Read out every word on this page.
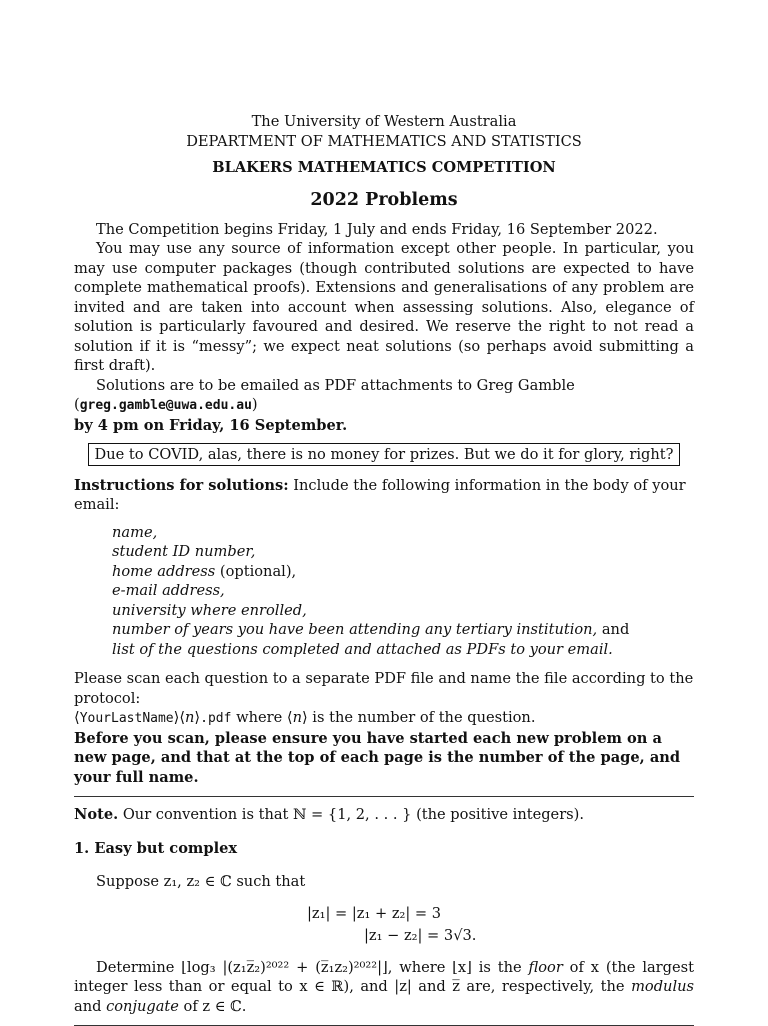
The University of Western Australia

DEPARTMENT OF MATHEMATICS AND STATISTICS

BLAKERS MATHEMATICS COMPETITION

2022 Problems

The Competition begins Friday, 1 July and ends Friday, 16 September 2022.

You may use any source of information except other people. In particular, you may use computer packages (though contributed solutions are expected to have complete mathematical proofs). Extensions and generalisations of any problem are invited and are taken into account when assessing solutions. Also, elegance of solution is particularly favoured and desired. We reserve the right to not read a solution if it is “messy”; we expect neat solutions (so perhaps avoid submitting a first draft).

Solutions are to be emailed as PDF attachments to Greg Gamble (greg.gamble@uwa.edu.au)
by 4 pm on Friday, 16 September.

Due to COVID, alas, there is no money for prizes. But we do it for glory, right?

Instructions for solutions: Include the following information in the body of your email:

name,
student ID number,
home address (optional),
e-mail address,
university where enrolled,
number of years you have been attending any tertiary institution, and
list of the questions completed and attached as PDFs to your email.

Please scan each question to a separate PDF file and name the file according to the protocol:

⟨YourLastName⟩⟨n⟩.pdf where ⟨n⟩ is the number of the question.

Before you scan, please ensure you have started each new problem on a new page, and that at the top of each page is the number of the page, and your full name.

Note. Our convention is that ℕ = {1, 2, . . . } (the positive integers).

1. Easy but complex

Suppose z₁, z₂ ∈ ℂ such that

|z₁| = |z₁ + z₂| = 3
|z₁ − z₂| = 3√3.

Determine ⌊log₃ |(z₁z̅₂)²⁰²² + (z̅₁z₂)²⁰²²|⌋, where ⌊x⌋ is the floor of x (the largest integer less than or equal to x ∈ ℝ), and |z| and z̅ are, respectively, the modulus and conjugate of z ∈ ℂ.
